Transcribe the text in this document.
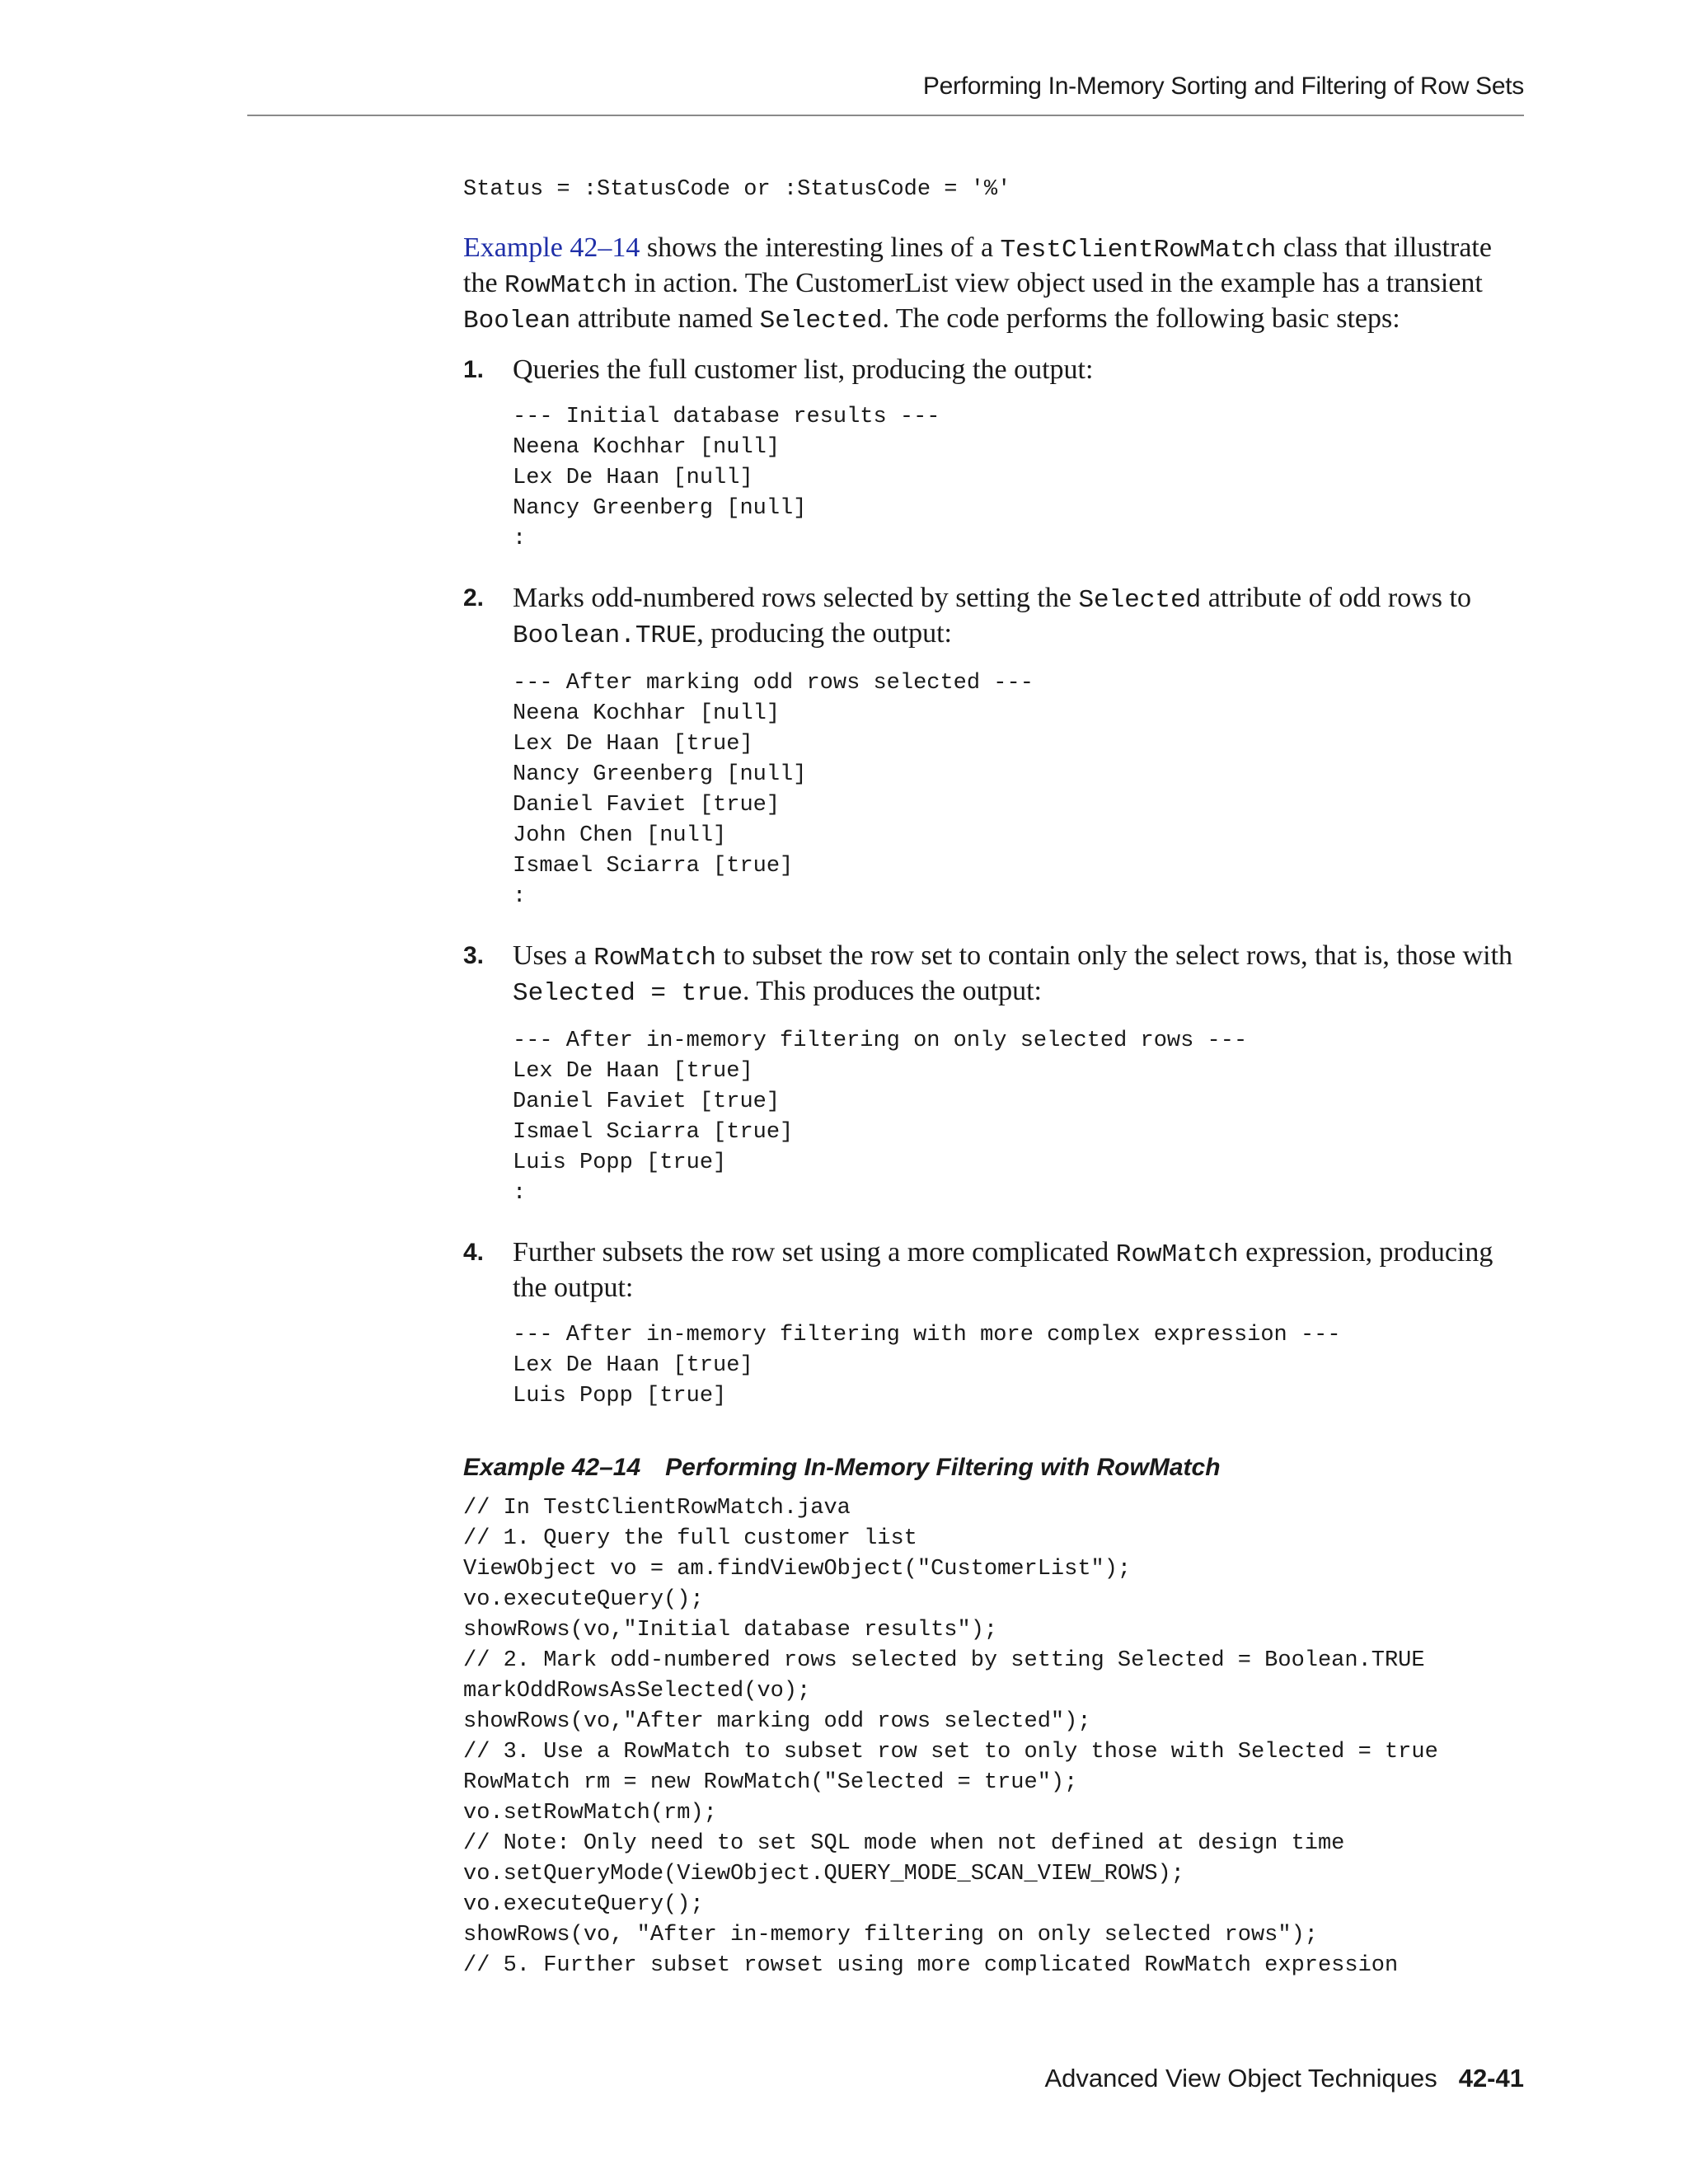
Performing In-Memory Sorting and Filtering of Row Sets
Status = :StatusCode or :StatusCode = '%'

Example 42–14 shows the interesting lines of a TestClientRowMatch class that illustrate the RowMatch in action. The CustomerList view object used in the example has a transient Boolean attribute named Selected. The code performs the following basic steps:

1. Queries the full customer list, producing the output:

--- Initial database results ---
Neena Kochhar [null]
Lex De Haan [null]
Nancy Greenberg [null]
:
2. Marks odd-numbered rows selected by setting the Selected attribute of odd rows to Boolean.TRUE, producing the output:

--- After marking odd rows selected ---
Neena Kochhar [null]
Lex De Haan [true]
Nancy Greenberg [null]
Daniel Faviet [true]
John Chen [null]
Ismael Sciarra [true]
:
3. Uses a RowMatch to subset the row set to contain only the select rows, that is, those with Selected = true. This produces the output:

--- After in-memory filtering on only selected rows ---
Lex De Haan [true]
Daniel Faviet [true]
Ismael Sciarra [true]
Luis Popp [true]
:
4. Further subsets the row set using a more complicated RowMatch expression, producing the output:

--- After in-memory filtering with more complex expression ---
Lex De Haan [true]
Luis Popp [true]

Example 42–14 Performing In-Memory Filtering with RowMatch

// In TestClientRowMatch.java
// 1. Query the full customer list
ViewObject vo = am.findViewObject("CustomerList");
vo.executeQuery();
showRows(vo,"Initial database results");
// 2. Mark odd-numbered rows selected by setting Selected = Boolean.TRUE
markOddRowsAsSelected(vo);
showRows(vo,"After marking odd rows selected");
// 3. Use a RowMatch to subset row set to only those with Selected = true
RowMatch rm = new RowMatch("Selected = true");
vo.setRowMatch(rm);
// Note: Only need to set SQL mode when not defined at design time
vo.setQueryMode(ViewObject.QUERY_MODE_SCAN_VIEW_ROWS);
vo.executeQuery();
showRows(vo, "After in-memory filtering on only selected rows");
// 5. Further subset rowset using more complicated RowMatch expression
Advanced View Object Techniques 42-41
